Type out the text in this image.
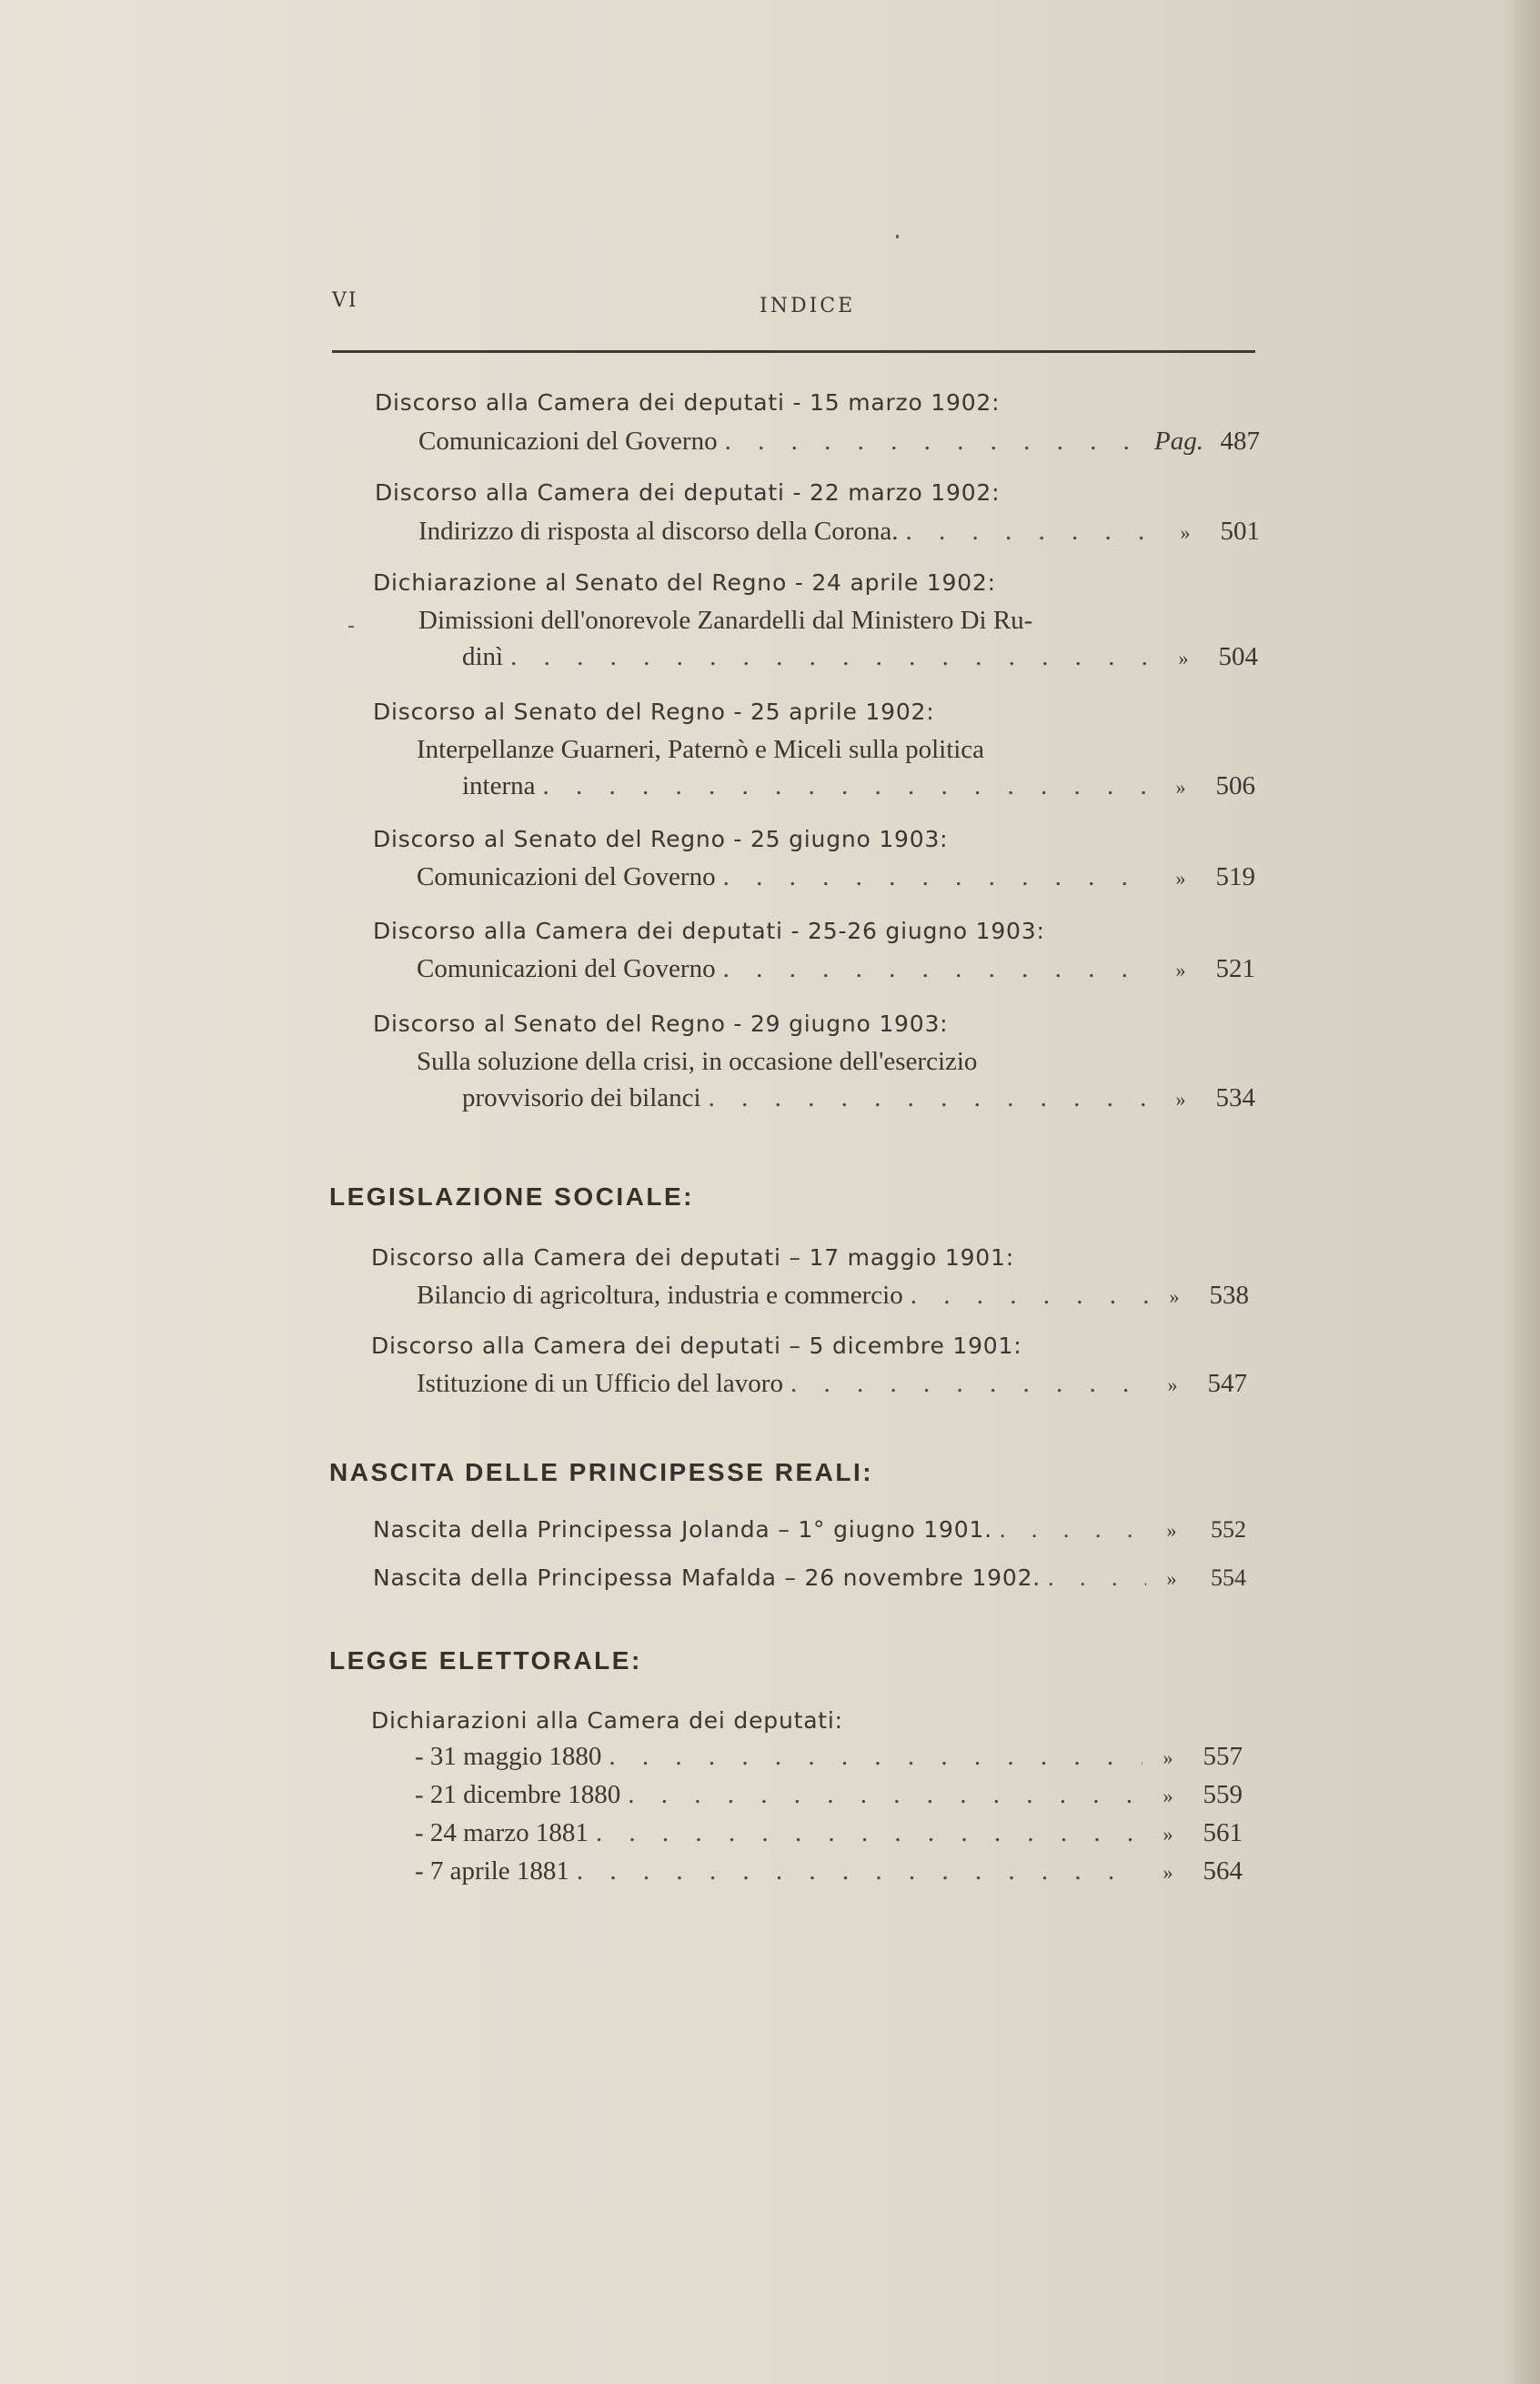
VI	INDICE
Discorso alla Camera dei deputati - 15 marzo 1902:
Comunicazioni del Governo . . .	Pag. 487
Discorso alla Camera dei deputati - 22 marzo 1902:
Indirizzo di risposta al discorso della Corona. . . .	»	501
Dichiarazione al Senato del Regno - 24 aprile 1902:
Dimissioni dell'onorevole Zanardelli dal Ministero Di Ru-
dinì . . .	»	504
Discorso al Senato del Regno - 25 aprile 1902:
Interpellanze Guarneri, Paternò e Miceli sulla politica
interna . . .	»	506
Discorso al Senato del Regno - 25 giugno 1903:
Comunicazioni del Governo . . .	»	519
Discorso alla Camera dei deputati - 25-26 giugno 1903:
Comunicazioni del Governo . . .	»	521
Discorso al Senato del Regno - 29 giugno 1903:
Sulla soluzione della crisi, in occasione dell'esercizio
provvisorio dei bilanci . . .	»	534
LEGISLAZIONE SOCIALE:
Discorso alla Camera dei deputati – 17 maggio 1901:
Bilancio di agricoltura, industria e commercio . . .	»	538
Discorso alla Camera dei deputati – 5 dicembre 1901:
Istituzione di un Ufficio del lavoro . . .	»	547
NASCITA DELLE PRINCIPESSE REALI:
Nascita della Principessa Jolanda – 1° giugno 1901. . . .	»	552
Nascita della Principessa Mafalda – 26 novembre 1902. . . .	»	554
LEGGE ELETTORALE:
Dichiarazioni alla Camera dei deputati:
- 31 maggio 1880 . . .	»	557
- 21 dicembre 1880 . . .	»	559
- 24 marzo 1881 . . .	»	561
- 7 aprile 1881 . . .	»	564
